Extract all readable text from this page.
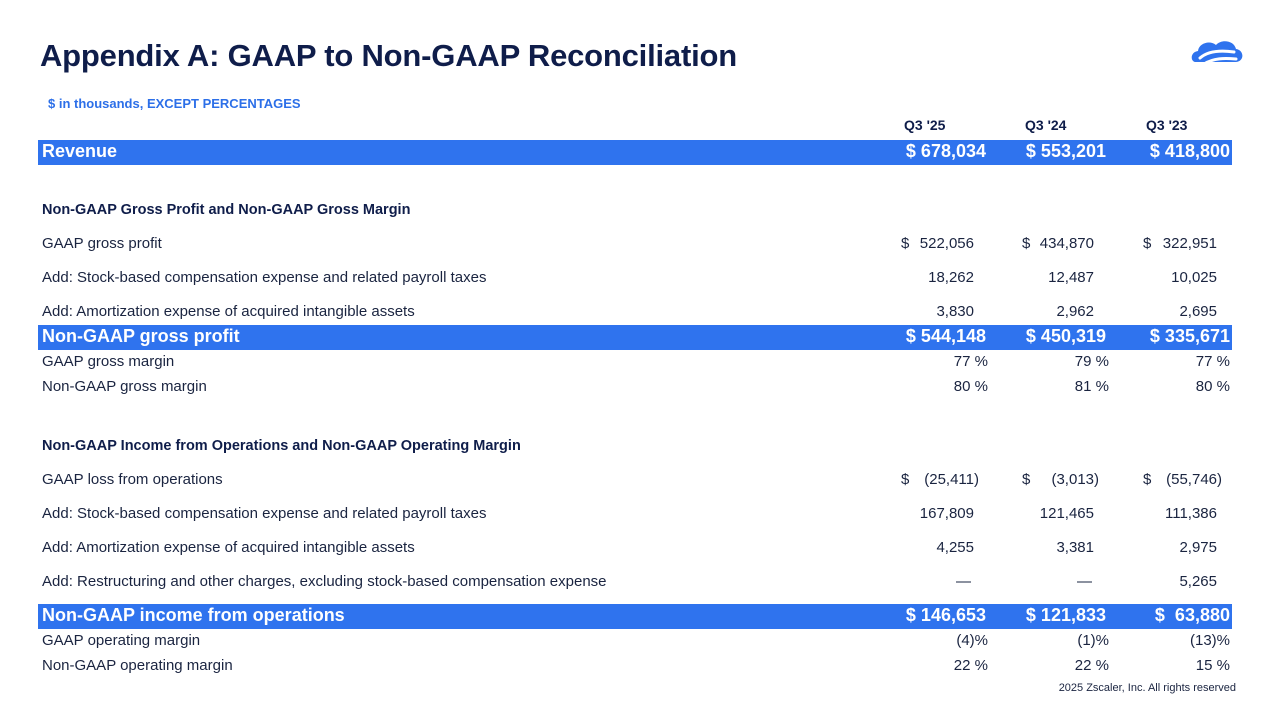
Appendix A: GAAP to Non-GAAP Reconciliation
$ in thousands, EXCEPT PERCENTAGES
Q3 '25	Q3 '24	Q3 '23
Revenue	$ 678,034 $ 553,201 $ 418,800
Non-GAAP Gross Profit and Non-GAAP Gross Margin
GAAP gross profit	$ 522,056	$ 434,870	$ 322,951
Add: Stock-based compensation expense and related payroll taxes	18,262	12,487	10,025
Add: Amortization expense of acquired intangible assets	3,830	2,962	2,695
Non-GAAP gross profit	$ 544,148 $ 450,319 $ 335,671
GAAP gross margin	77 %	79 %	77 %
Non-GAAP gross margin	80 %	81 %	80 %
Non-GAAP Income from Operations and Non-GAAP Operating Margin
GAAP loss from operations	$ (25,411)	$ (3,013)	$ (55,746)
Add: Stock-based compensation expense and related payroll taxes	167,809	121,465	111,386
Add: Amortization expense of acquired intangible assets	4,255	3,381	2,975
Add: Restructuring and other charges, excluding stock-based compensation expense	—	—	5,265
Non-GAAP income from operations	$ 146,653 $ 121,833	$  63,880
GAAP operating margin	(4)%	(1)%	(13)%
Non-GAAP operating margin	22 %	22 %	15 %
2025 Zscaler, Inc. All rights reserved
